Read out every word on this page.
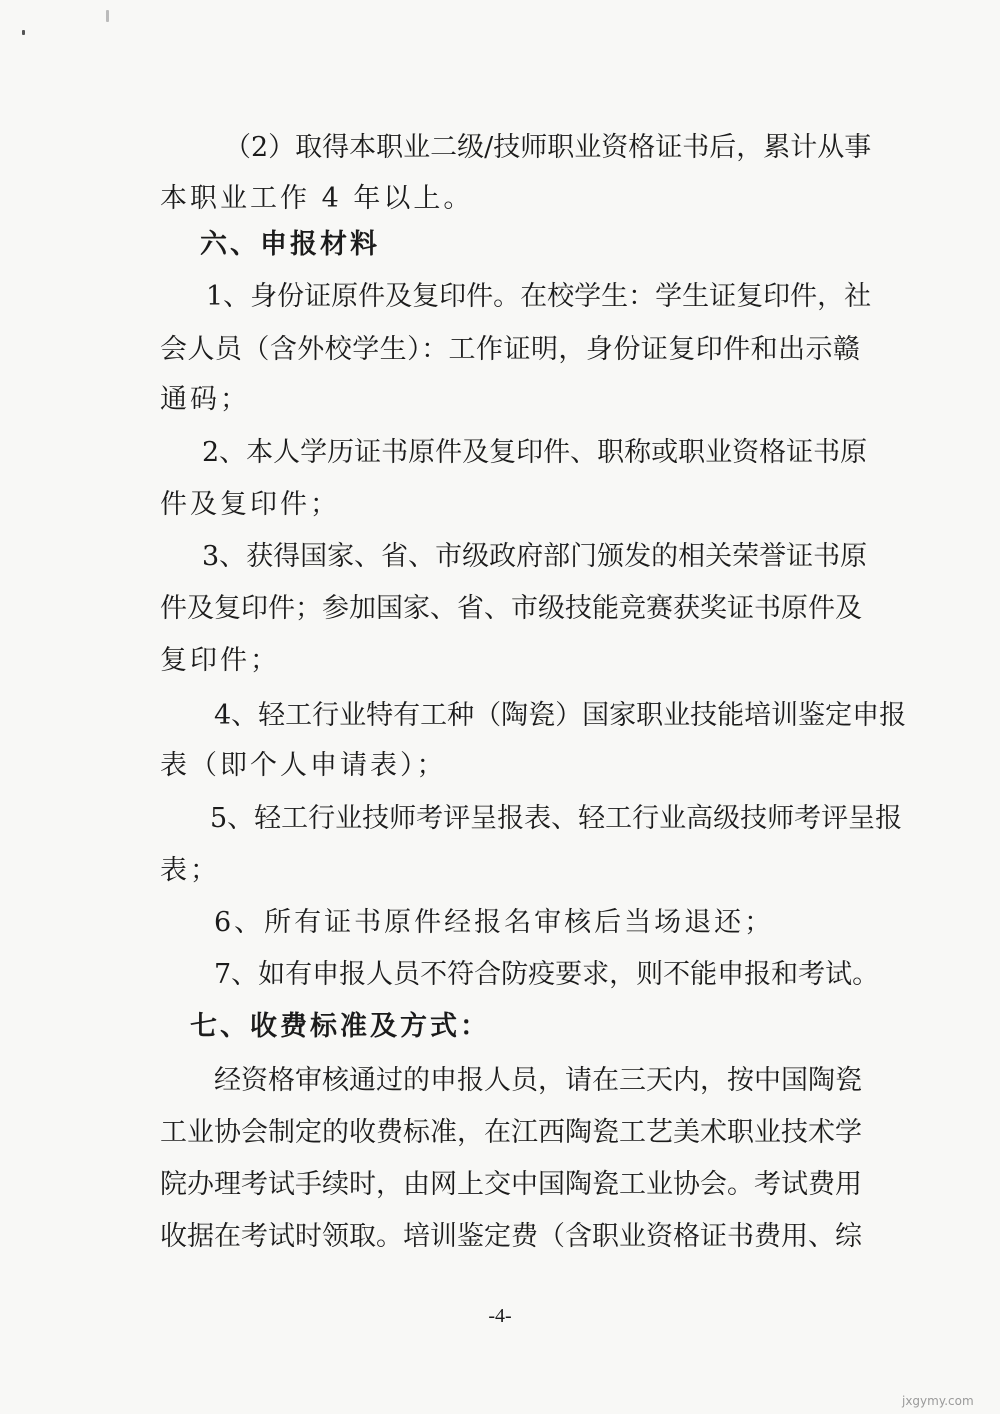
（2）取得本职业二级/技师职业资格证书后，累计从事
本职业工作 4 年以上。
六、申报材料
1、身份证原件及复印件。在校学生：学生证复印件，社
会人员（含外校学生）：工作证明，身份证复印件和出示赣
通码；
2、本人学历证书原件及复印件、职称或职业资格证书原
件及复印件；
3、获得国家、省、市级政府部门颁发的相关荣誉证书原
件及复印件；参加国家、省、市级技能竞赛获奖证书原件及
复印件；
4、轻工行业特有工种（陶瓷）国家职业技能培训鉴定申报
表（即个人申请表）；
5、轻工行业技师考评呈报表、轻工行业高级技师考评呈报
表；
6、所有证书原件经报名审核后当场退还；
7、如有申报人员不符合防疫要求，则不能申报和考试。
七、收费标准及方式：
经资格审核通过的申报人员，请在三天内，按中国陶瓷
工业协会制定的收费标准，在江西陶瓷工艺美术职业技术学
院办理考试手续时，由网上交中国陶瓷工业协会。考试费用
收据在考试时领取。培训鉴定费（含职业资格证书费用、综
-4-
jxgymy.com
